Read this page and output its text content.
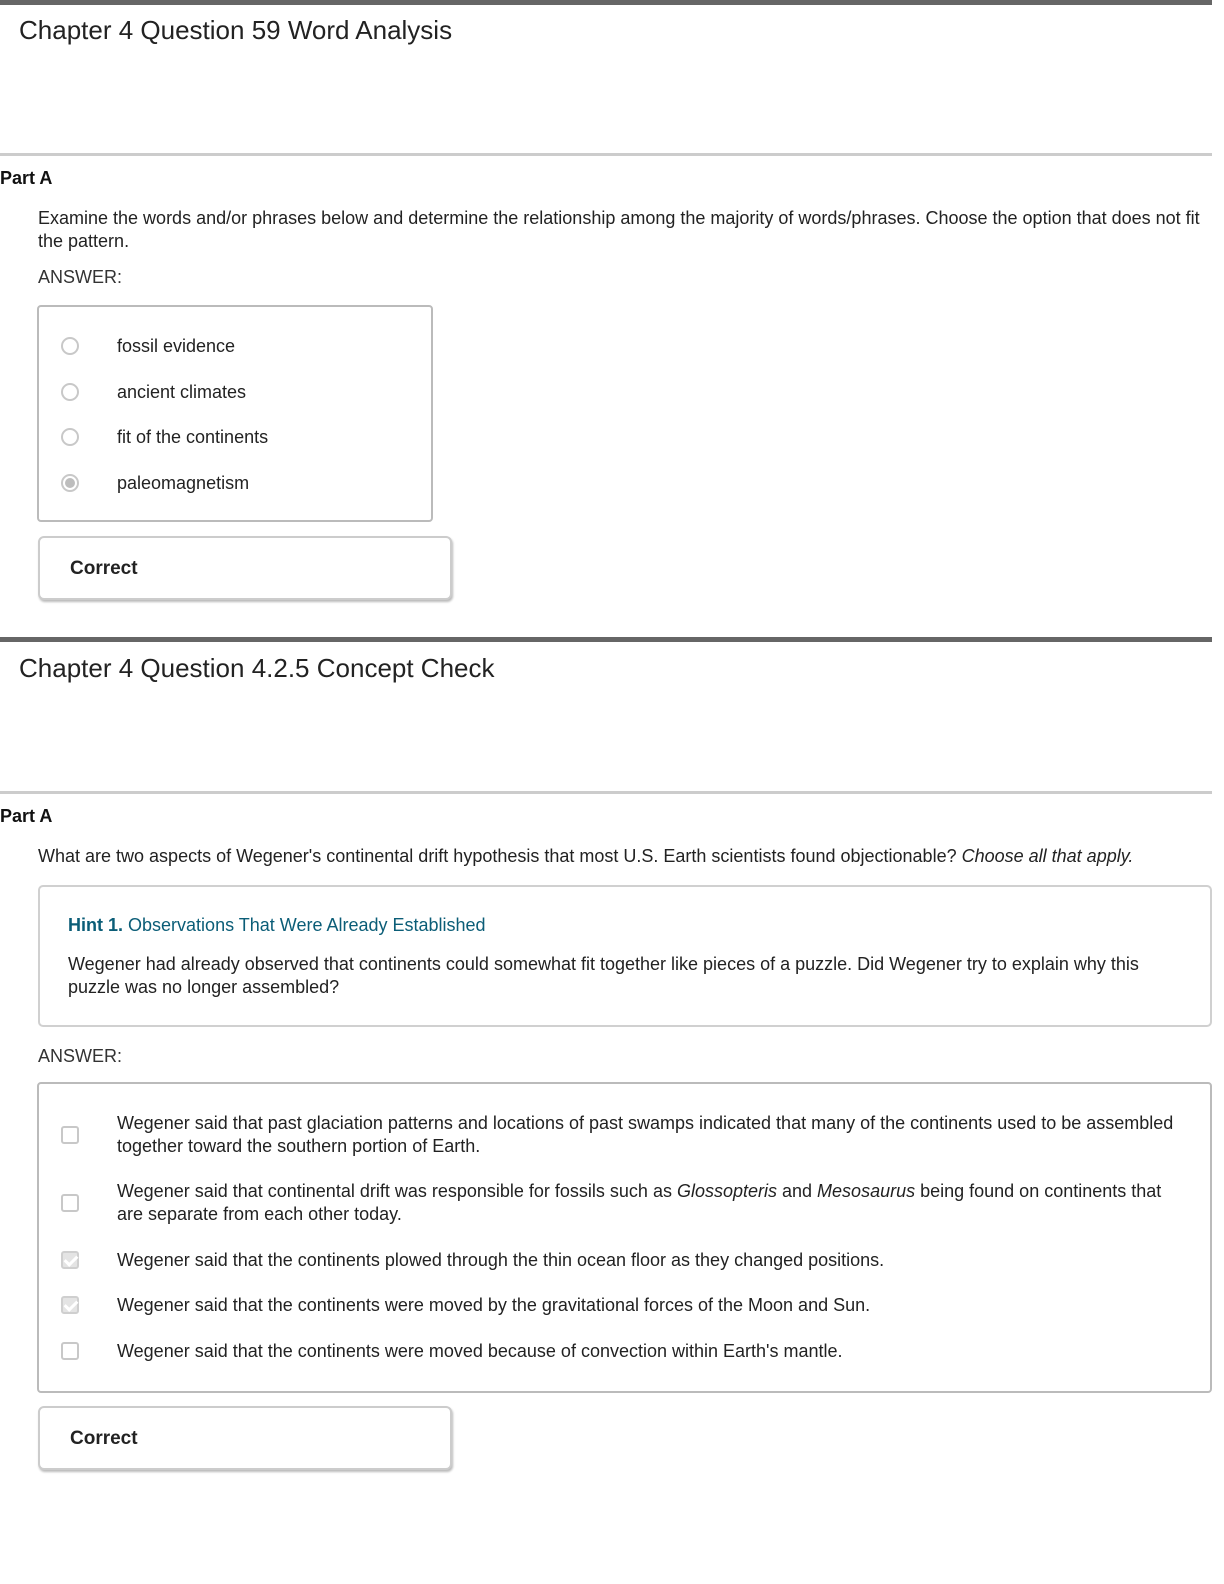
Chapter 4 Question 59 Word Analysis
Part A
Examine the words and/or phrases below and determine the relationship among the majority of words/phrases. Choose the option that does not fit the pattern.
ANSWER:
fossil evidence
ancient climates
fit of the continents
paleomagnetism
Correct
Chapter 4 Question 4.2.5 Concept Check
Part A
What are two aspects of Wegener's continental drift hypothesis that most U.S. Earth scientists found objectionable? Choose all that apply.
Hint 1. Observations That Were Already Established
Wegener had already observed that continents could somewhat fit together like pieces of a puzzle. Did Wegener try to explain why this puzzle was no longer assembled?
ANSWER:
Wegener said that past glaciation patterns and locations of past swamps indicated that many of the continents used to be assembled together toward the southern portion of Earth.
Wegener said that continental drift was responsible for fossils such as Glossopteris and Mesosaurus being found on continents that are separate from each other today.
Wegener said that the continents plowed through the thin ocean floor as they changed positions.
Wegener said that the continents were moved by the gravitational forces of the Moon and Sun.
Wegener said that the continents were moved because of convection within Earth's mantle.
Correct
